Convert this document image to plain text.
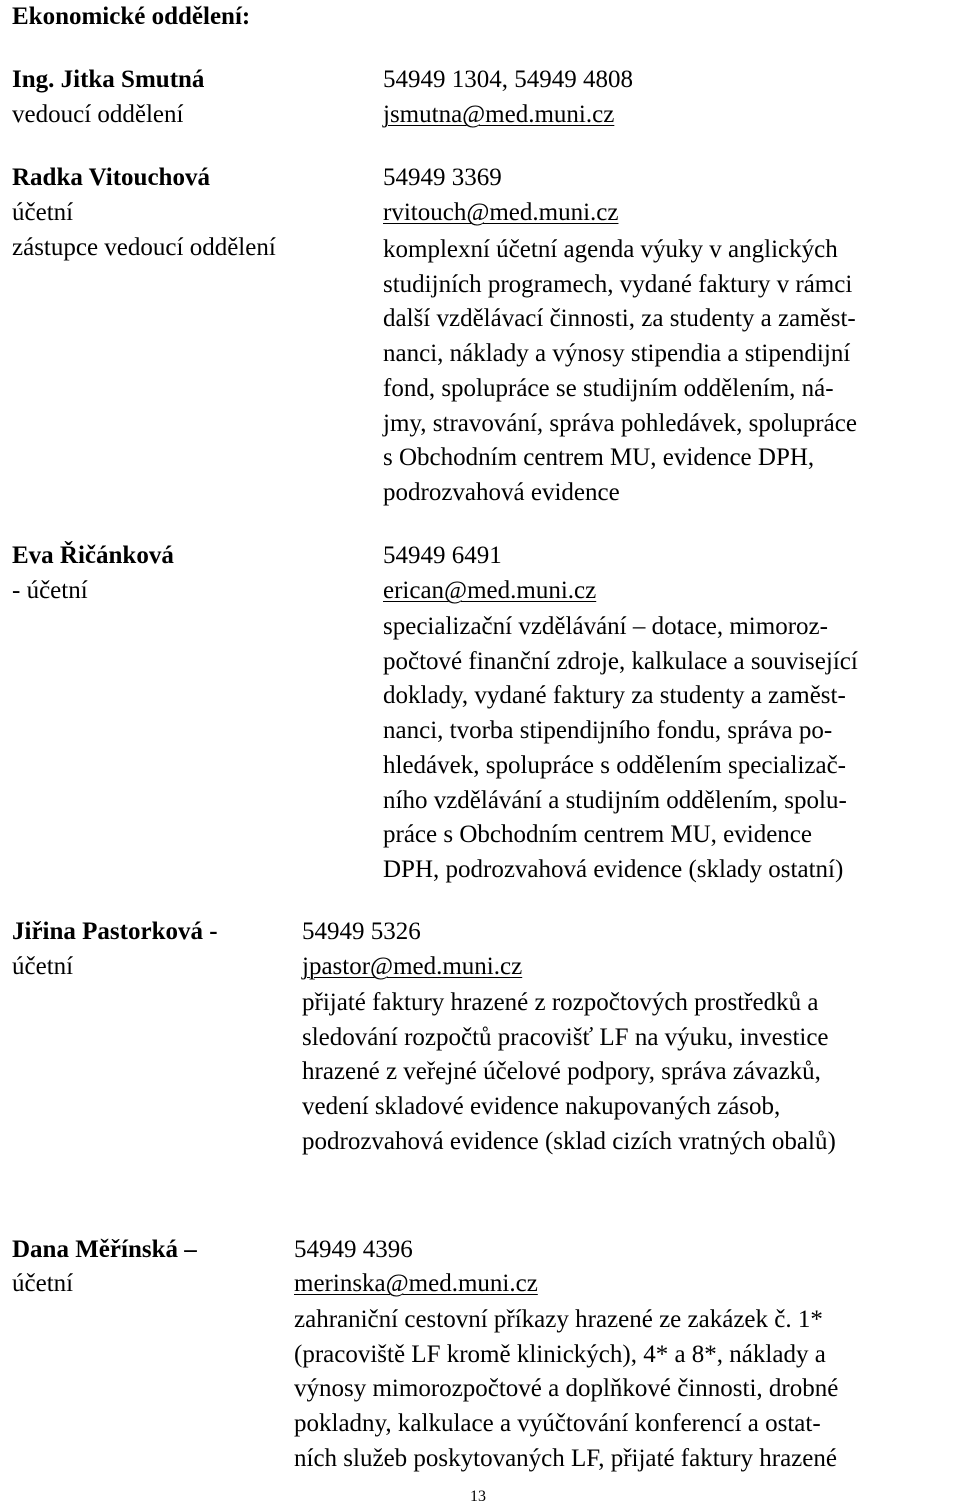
Ekonomické oddělení:
Ing. Jitka Smutná
vedoucí oddělení
54949 1304, 54949 4808
jsmutna@med.muni.cz
Radka Vitouchová
účetní
zástupce vedoucí oddělení
54949 3369
rvitouch@med.muni.cz
komplexní účetní agenda výuky v anglických
studijních programech, vydané faktury v rámci
další vzdělávací činnosti, za studenty a zaměst-
nanci, náklady a výnosy stipendia a stipendijní
fond, spolupráce se studijním oddělením, ná-
jmy, stravování, správa pohledávek, spolupráce
s Obchodním centrem MU, evidence DPH,
podrozvahová evidence
Eva Řičánková
- účetní
54949 6491
erican@med.muni.cz
specializační vzdělávání – dotace, mimoroz-
počtové finanční zdroje, kalkulace a související
doklady, vydané faktury za studenty a zaměst-
nanci, tvorba stipendijního fondu, správa po-
hledávek, spolupráce s oddělením specializač-
ního vzdělávání a studijním oddělením, spolu-
práce s Obchodním centrem MU, evidence
DPH, podrozvahová evidence (sklady ostatní)
Jiřina Pastorková -
účetní
54949 5326
jpastor@med.muni.cz
přijaté faktury hrazené z rozpočtových prostředků a
sledování rozpočtů pracovišť LF na výuku, investice
hrazené z veřejné účelové podpory, správa závazků,
vedení skladové evidence nakupovaných zásob,
podrozvahová evidence (sklad cizích vratných obalů)
Dana Měřínská –
účetní
54949 4396
merinska@med.muni.cz
zahraniční cestovní příkazy hrazené ze zakázek č. 1*
(pracoviště LF kromě klinických), 4* a 8*, náklady a
výnosy mimorozpočtové a doplňkové činnosti, drobné
pokladny, kalkulace a vyúčtování konferencí a ostat-
ních služeb poskytovaných LF, přijaté faktury hrazené
13
